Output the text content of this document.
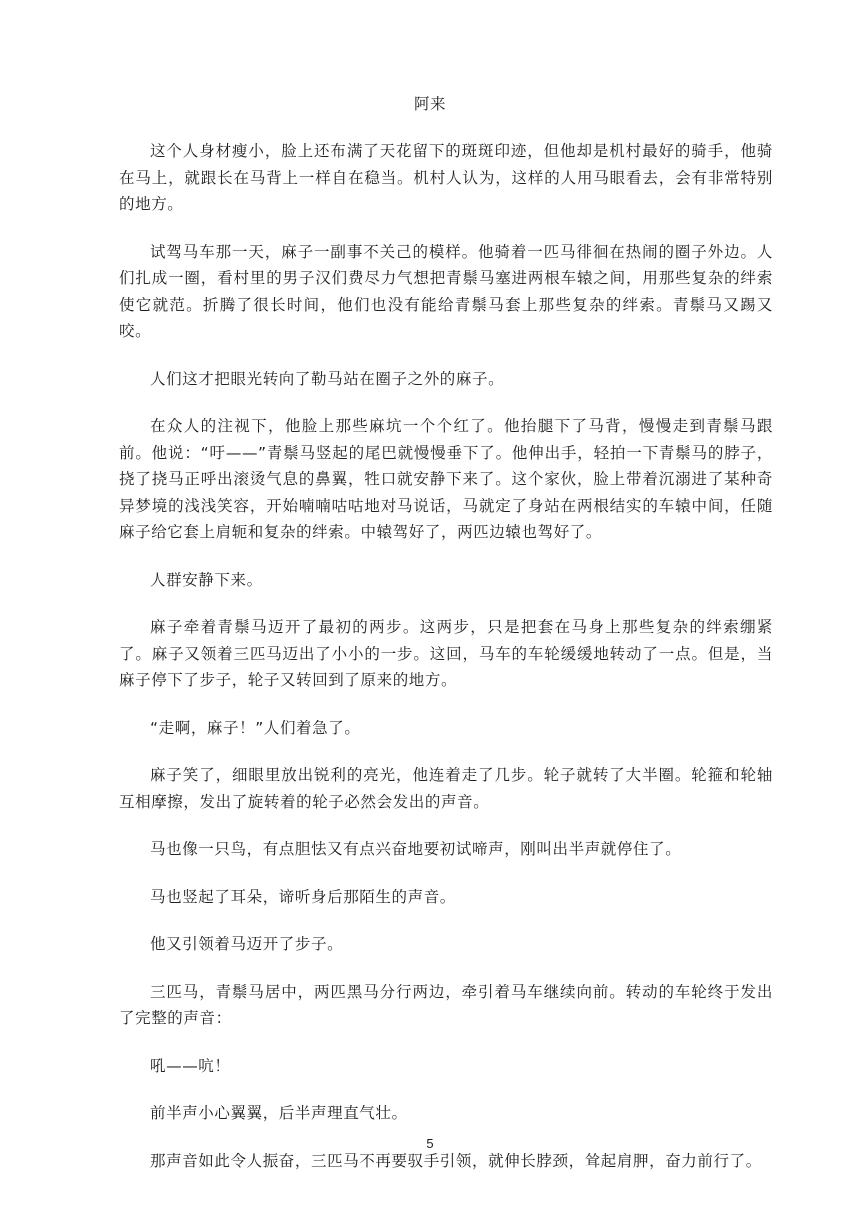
阿来

这个人身材瘦小，脸上还布满了天花留下的斑斑印迹，但他却是机村最好的骑手，他骑在马上，就跟长在马背上一样自在稳当。机村人认为，这样的人用马眼看去，会有非常特别的地方。

试驾马车那一天，麻子一副事不关己的模样。他骑着一匹马徘徊在热闹的圈子外边。人们扎成一圈，看村里的男子汉们费尽力气想把青鬃马塞进两根车辕之间，用那些复杂的绊索使它就范。折腾了很长时间，他们也没有能给青鬃马套上那些复杂的绊索。青鬃马又踢又咬。

人们这才把眼光转向了勒马站在圈子之外的麻子。

在众人的注视下，他脸上那些麻坑一个个红了。他抬腿下了马背，慢慢走到青鬃马跟前。他说：“吁——”青鬃马竖起的尾巴就慢慢垂下了。他伸出手，轻拍一下青鬃马的脖子，挠了挠马正呼出滚烫气息的鼻翼，牲口就安静下来了。这个家伙，脸上带着沉溺进了某种奇异梦境的浅浅笑容，开始喃喃咕咕地对马说话，马就定了身站在两根结实的车辕中间，任随麻子给它套上肩轭和复杂的绊索。中辕驾好了，两匹边辕也驾好了。

人群安静下来。

麻子牵着青鬃马迈开了最初的两步。这两步，只是把套在马身上那些复杂的绊索绷紧了。麻子又领着三匹马迈出了小小的一步。这回，马车的车轮缓缓地转动了一点。但是，当麻子停下了步子，轮子又转回到了原来的地方。

“走啊，麻子！”人们着急了。

麻子笑了，细眼里放出锐利的亮光，他连着走了几步。轮子就转了大半圈。轮箍和轮轴互相摩擦，发出了旋转着的轮子必然会发出的声音。

马也像一只鸟，有点胆怯又有点兴奋地要初试啼声，刚叫出半声就停住了。

马也竖起了耳朵，谛听身后那陌生的声音。

他又引领着马迈开了步子。

三匹马，青鬃马居中，两匹黑马分行两边，牵引着马车继续向前。转动的车轮终于发出了完整的声音：

吼——吭！

前半声小心翼翼，后半声理直气壮。

那声音如此令人振奋，三匹马不再要驭手引领，就伸长脖颈，耸起肩胛，奋力前行了。

5
